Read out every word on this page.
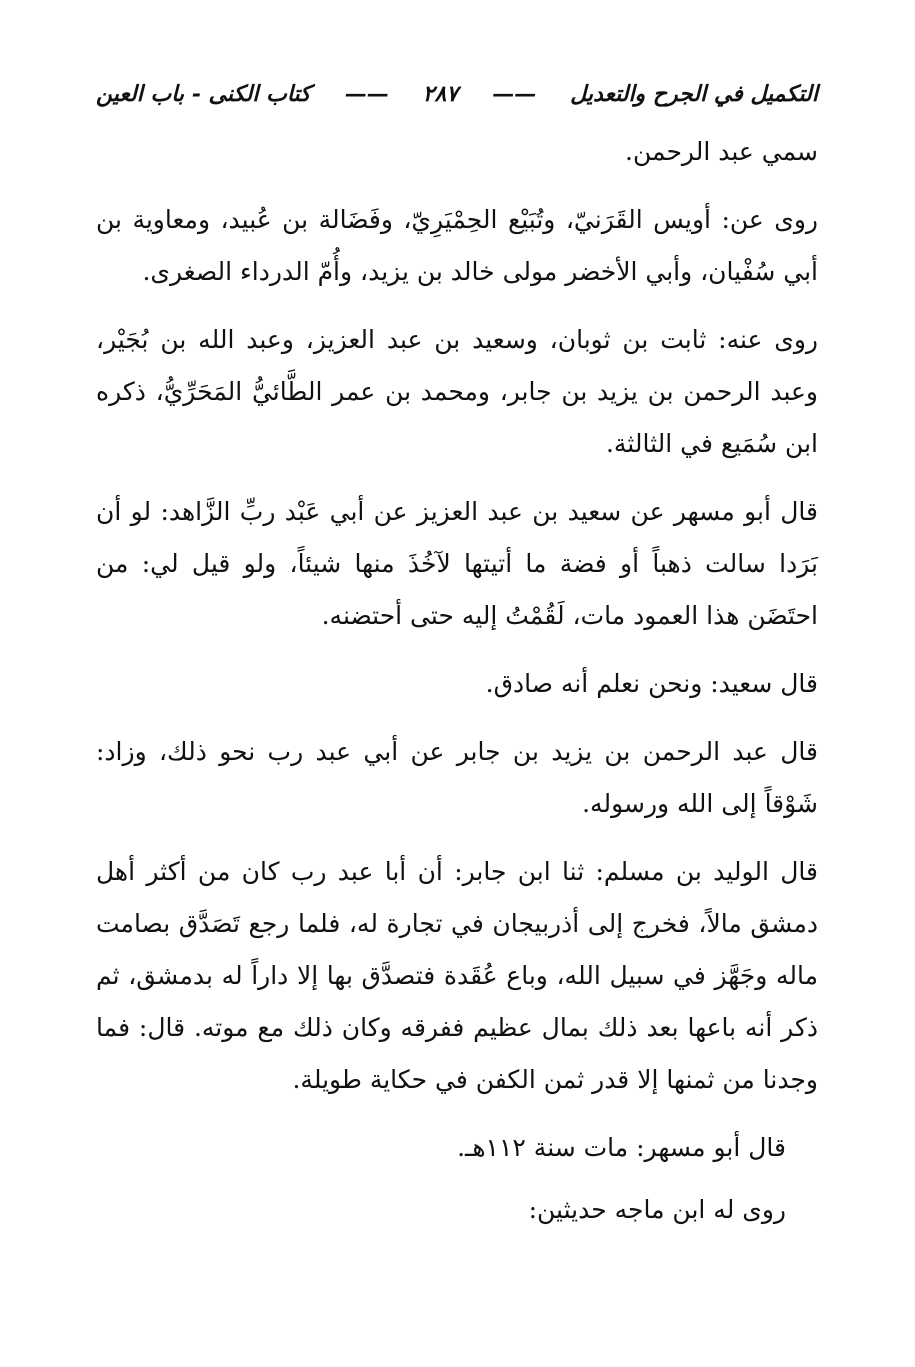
التكميل في الجرح والتعديل
——
٢٨٧
——
كتاب الكنى - باب العين

سمي عبد الرحمن.

روى عن: أويس القَرَنيّ، وتُبَيْع الحِمْيَرِيّ، وفَضَالة بن عُبيد، ومعاوية بن أبي سُفْيان، وأبي الأخضر مولى خالد بن يزيد، وأُمّ الدرداء الصغرى.

روى عنه: ثابت بن ثوبان، وسعيد بن عبد العزيز، وعبد الله بن بُجَيْر، وعبد الرحمن بن يزيد بن جابر، ومحمد بن عمر الطَّائيُّ المَحَرِّيُّ، ذكره ابن سُمَيع في الثالثة.

قال أبو مسهر عن سعيد بن عبد العزيز عن أبي عَبْد ربِّ الزَّاهد: لو أن بَرَدا سالت ذهباً أو فضة ما أتيتها لآخُذَ منها شيئاً، ولو قيل لي: من احتَضَن هذا العمود مات، لَقُمْتُ إليه حتى أحتضنه.

قال سعيد: ونحن نعلم أنه صادق.

قال عبد الرحمن بن يزيد بن جابر عن أبي عبد رب نحو ذلك، وزاد: شَوْقاً إلى الله ورسوله.

قال الوليد بن مسلم: ثنا ابن جابر: أن أبا عبد رب كان من أكثر أهل دمشق مالاً، فخرج إلى أذربيجان في تجارة له، فلما رجع تَصَدَّق بصامت ماله وجَهَّز في سبيل الله، وباع عُقَدة فتصدَّق بها إلا داراً له بدمشق، ثم ذكر أنه باعها بعد ذلك بمال عظيم ففرقه وكان ذلك مع موته. قال: فما وجدنا من ثمنها إلا قدر ثمن الكفن في حكاية طويلة.

قال أبو مسهر: مات سنة ١١٢هـ.

روى له ابن ماجه حديثين:
